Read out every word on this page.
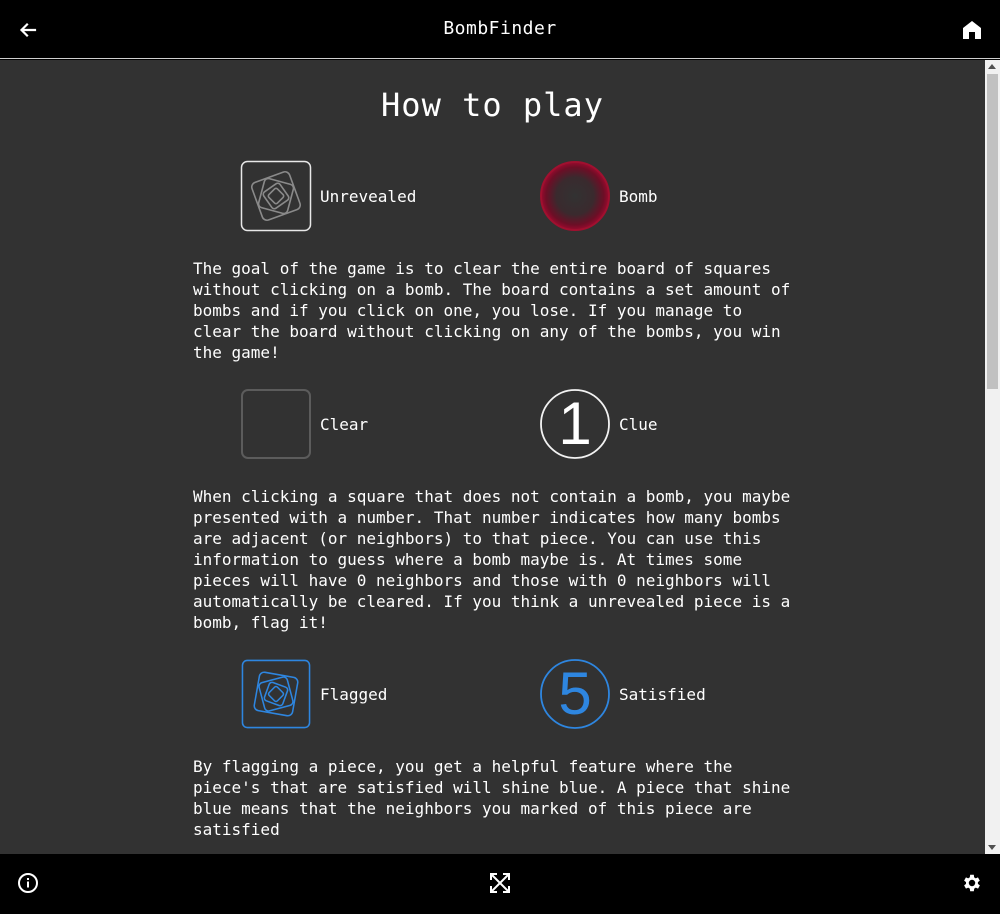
BombFinder
How to play
Unrevealed	Bomb

The goal of the game is to clear the entire board of squares without clicking on a bomb. The board contains a set amount of bombs and if you click on one, you lose. If you manage to clear the board without clicking on any of the bombs, you win the game!

Clear	1	Clue

When clicking a square that does not contain a bomb, you maybe presented with a number. That number indicates how many bombs are adjacent (or neighbors) to that piece. You can use this information to guess where a bomb maybe is. At times some pieces will have 0 neighbors and those with 0 neighbors will automatically be cleared. If you think a unrevealed piece is a bomb, flag it!

Flagged	5	Satisfied

By flagging a piece, you get a helpful feature where the piece's that are satisfied will shine blue. A piece that shine blue means that the neighbors you marked of this piece are satisfied
